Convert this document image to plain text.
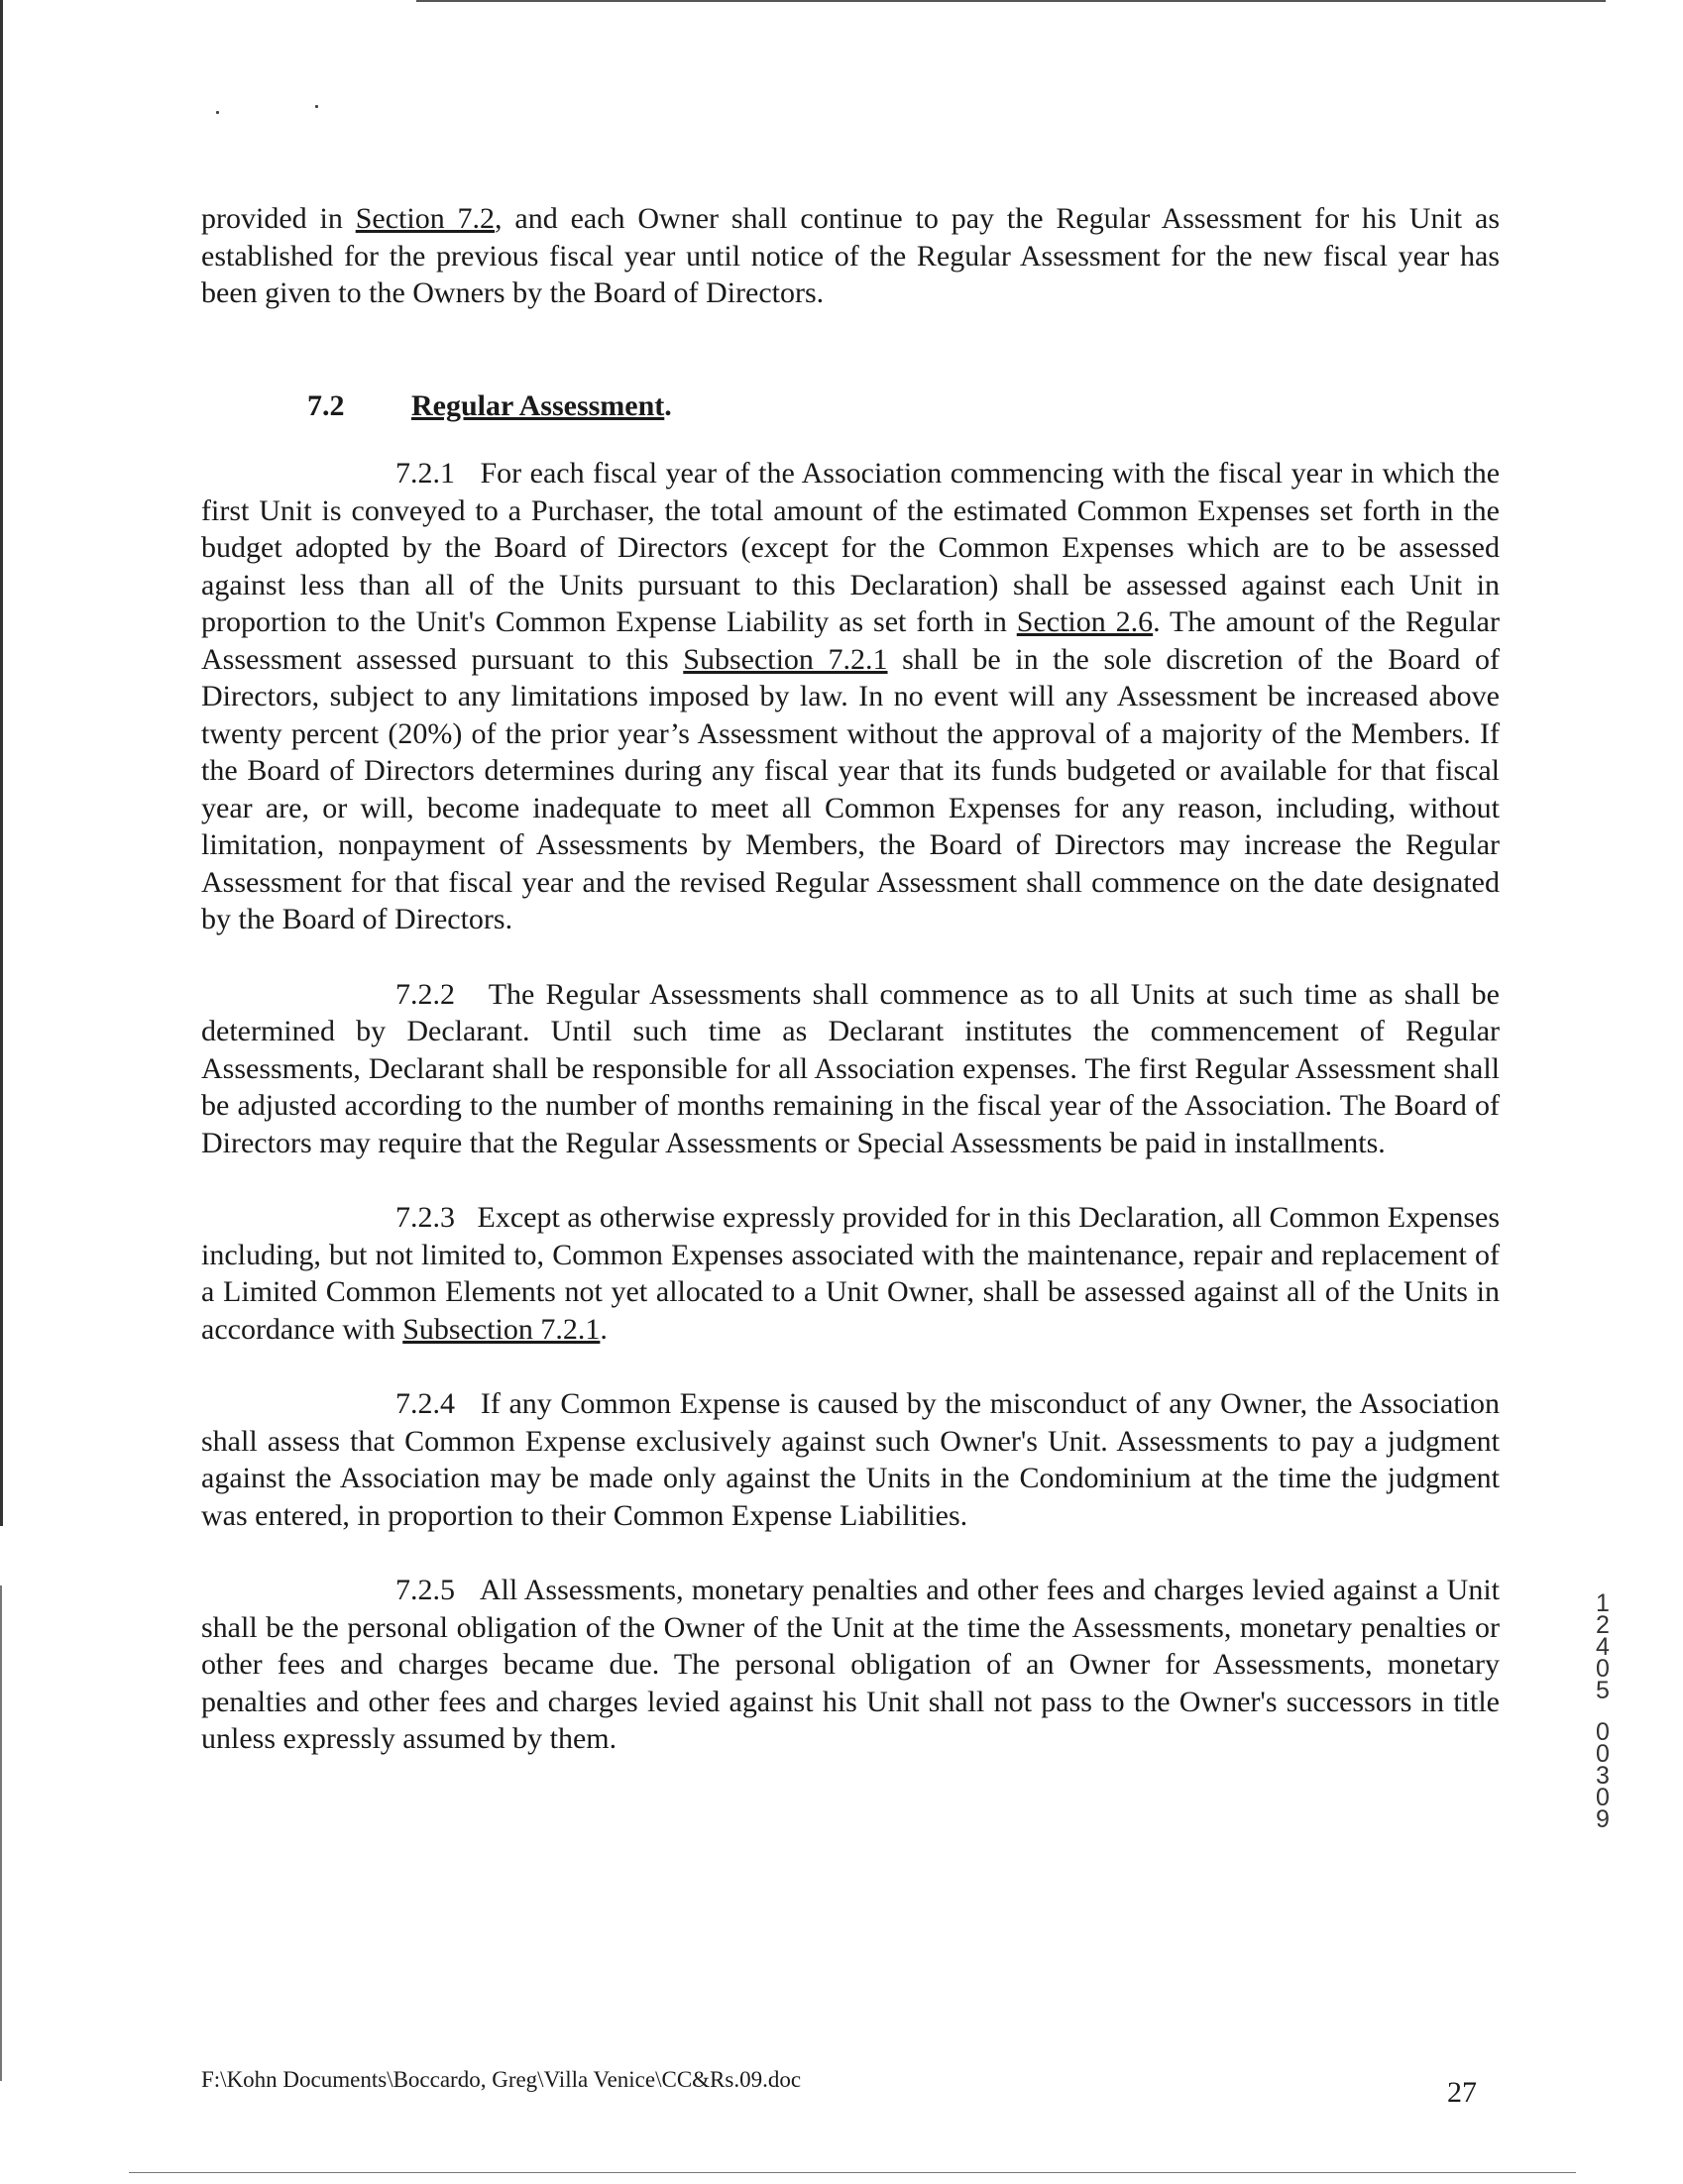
provided in Section 7.2, and each Owner shall continue to pay the Regular Assessment for his Unit as established for the previous fiscal year until notice of the Regular Assessment for the new fiscal year has been given to the Owners by the Board of Directors.

7.2 Regular Assessment.

7.2.1 For each fiscal year of the Association commencing with the fiscal year in which the first Unit is conveyed to a Purchaser, the total amount of the estimated Common Expenses set forth in the budget adopted by the Board of Directors (except for the Common Expenses which are to be assessed against less than all of the Units pursuant to this Declaration) shall be assessed against each Unit in proportion to the Unit's Common Expense Liability as set forth in Section 2.6. The amount of the Regular Assessment assessed pursuant to this Subsection 7.2.1 shall be in the sole discretion of the Board of Directors, subject to any limitations imposed by law. In no event will any Assessment be increased above twenty percent (20%) of the prior year’s Assessment without the approval of a majority of the Members. If the Board of Directors determines during any fiscal year that its funds budgeted or available for that fiscal year are, or will, become inadequate to meet all Common Expenses for any reason, including, without limitation, nonpayment of Assessments by Members, the Board of Directors may increase the Regular Assessment for that fiscal year and the revised Regular Assessment shall commence on the date designated by the Board of Directors.

7.2.2 The Regular Assessments shall commence as to all Units at such time as shall be determined by Declarant. Until such time as Declarant institutes the commencement of Regular Assessments, Declarant shall be responsible for all Association expenses. The first Regular Assessment shall be adjusted according to the number of months remaining in the fiscal year of the Association. The Board of Directors may require that the Regular Assessments or Special Assessments be paid in installments.

7.2.3 Except as otherwise expressly provided for in this Declaration, all Common Expenses including, but not limited to, Common Expenses associated with the maintenance, repair and replacement of a Limited Common Elements not yet allocated to a Unit Owner, shall be assessed against all of the Units in accordance with Subsection 7.2.1.

7.2.4 If any Common Expense is caused by the misconduct of any Owner, the Association shall assess that Common Expense exclusively against such Owner's Unit. Assessments to pay a judgment against the Association may be made only against the Units in the Condominium at the time the judgment was entered, in proportion to their Common Expense Liabilities.

7.2.5 All Assessments, monetary penalties and other fees and charges levied against a Unit shall be the personal obligation of the Owner of the Unit at the time the Assessments, monetary penalties or other fees and charges became due. The personal obligation of an Owner for Assessments, monetary penalties and other fees and charges levied against his Unit shall not pass to the Owner's successors in title unless expressly assumed by them.

1
2
4
0
5
0
0
3
0
9
F:\Kohn Documents\Boccardo, Greg\Villa Venice\CC&Rs.09.doc	27
